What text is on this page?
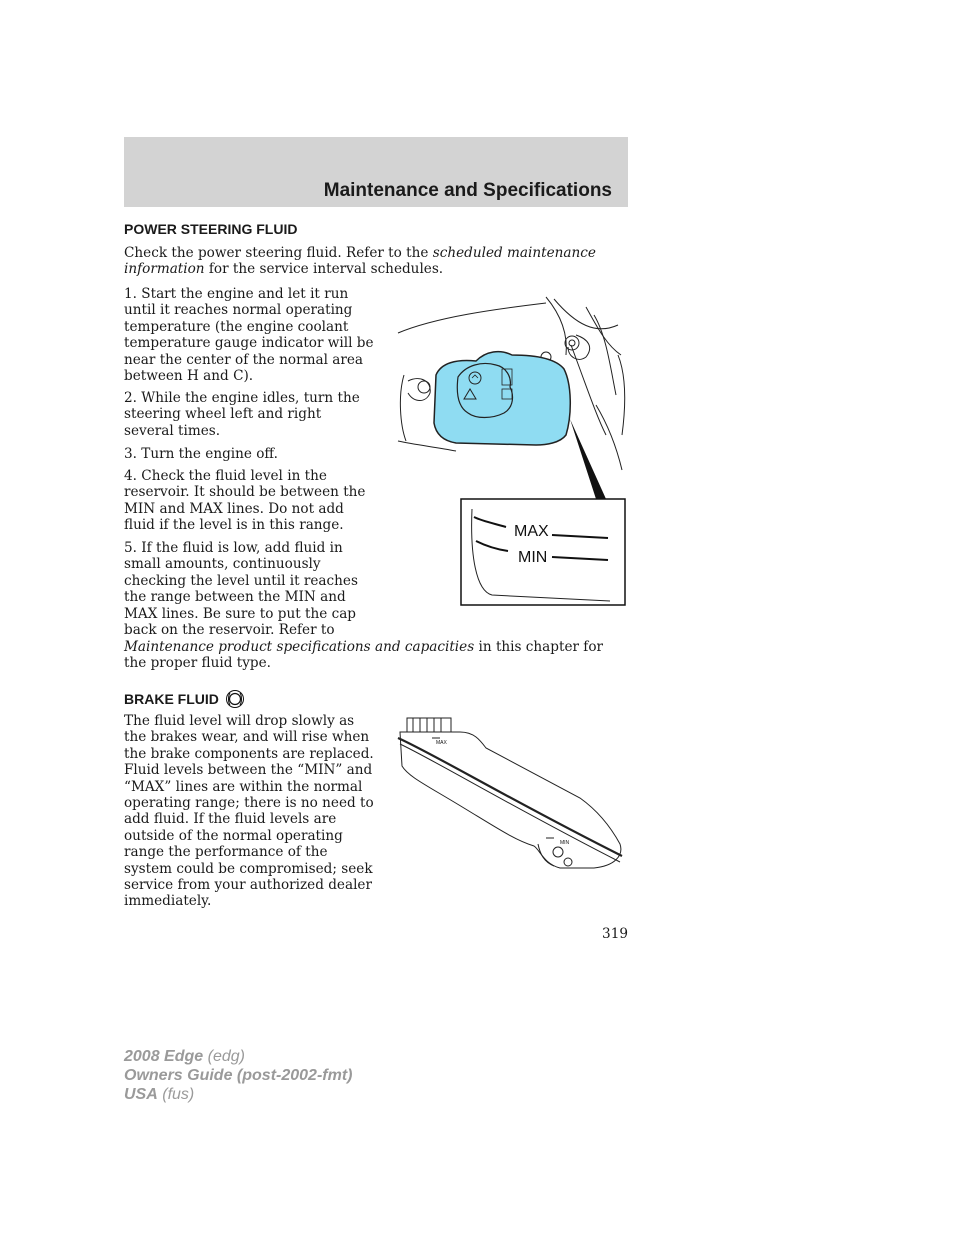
Maintenance and Specifications
POWER STEERING FLUID

Check the power steering fluid. Refer to the scheduled maintenance information for the service interval schedules.

1. Start the engine and let it run until it reaches normal operating temperature (the engine coolant temperature gauge indicator will be near the center of the normal area between H and C).

2. While the engine idles, turn the steering wheel left and right several times.

3. Turn the engine off.

4. Check the fluid level in the reservoir. It should be between the MIN and MAX lines. Do not add fluid if the level is in this range.

5. If the fluid is low, add fluid in small amounts, continuously checking the level until it reaches the range between the MIN and MAX lines. Be sure to put the cap back on the reservoir. Refer to

Maintenance product specifications and capacities in this chapter for the proper fluid type.

MAX
MIN
BRAKE FLUID

The fluid level will drop slowly as the brakes wear, and will rise when the brake components are replaced. Fluid levels between the “MIN” and “MAX” lines are within the normal operating range; there is no need to add fluid. If the fluid levels are outside of the normal operating range the performance of the system could be compromised; seek service from your authorized dealer immediately.

MAX
MIN
319
2008 Edge (edg)
Owners Guide (post-2002-fmt)
USA (fus)
